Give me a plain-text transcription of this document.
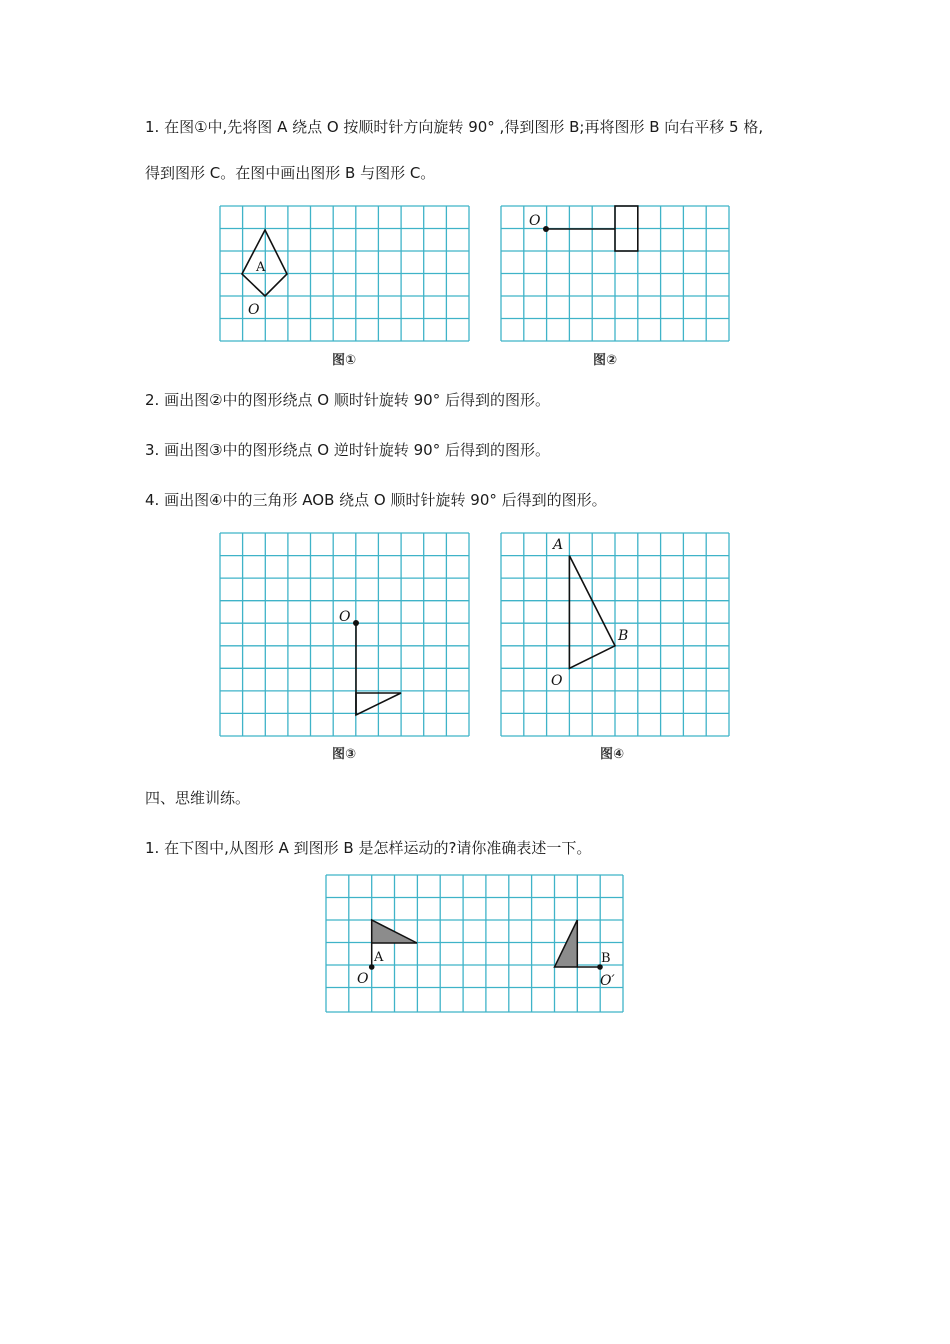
1. 在图①中,先将图 A 绕点 O 按顺时针方向旋转 90° ,得到图形 B;再将图形 B 向右平移 5 格,
得到图形 C。在图中画出图形 B 与图形 C。
A
O
图①
O
图②
2. 画出图②中的图形绕点 O 顺时针旋转 90° 后得到的图形。
3. 画出图③中的图形绕点 O 逆时针旋转 90° 后得到的图形。
4. 画出图④中的三角形 AOB 绕点 O 顺时针旋转 90° 后得到的图形。
O
图③
A
B
O
图④
四、思维训练。
1. 在下图中,从图形 A 到图形 B 是怎样运动的?请你准确表述一下。
A
O
B
O′
